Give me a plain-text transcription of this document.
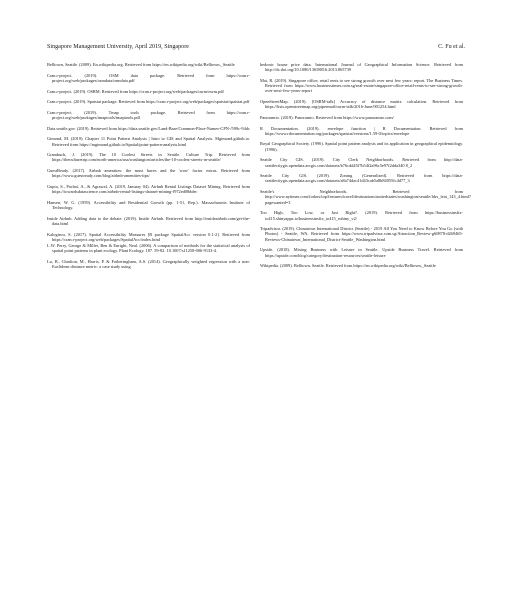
Singapore Management University, April 2019, Singapore	C. Fu et al.

Belltown, Seattle. (2009). En.wikipedia.org. Retrieved from https://en.wikipedia.org/wiki/Belltown,_Seattle

Cran.r-project. (2019). OSM data package. Retrieved from https://cran.r-project.org/web/packages/osmdata/osmdata.pdf

Cran.r-project. (2019). OSRM. Retrieved from https://cran.r-project.org/web/packages/osrm/osrm.pdf

Cran.r-project. (2019). Spatstat package. Retrieved from https://cran.r-project.org/web/packages/spatstat/spatstat.pdf

Cran.r-project. (2019). Tmap tools package. Retrieved from https://cran.r-project.org/web/packages/tmaptools/tmaptools.pdf

Data.seattle.gov. (2019). Retrieved from https://data.seattle.gov/Land-Base/Common-Place-Names-CPN-/599c-94dc

Gimond, M. (2019). Chapter 11 Point Pattern Analysis | Intro to GIS and Spatial Analysis. Mgimond.github.io. Retrieved from https://mgimond.github.io/Spatial/point-pattern-analysis.html

Grambuch, J. (2019). The 10 Coolest Streets in Seattle. Culture Trip. Retrieved from https://theculturetrip.com/north-america/usa/washington/articles/the-10-coolest-streets-in-seattle/

GuestReady. (2017). Airbnb amenities: the must haves and the 'wow' factor extras. Retrieved from https://www.guestready.com/blog/airbnb-amenities-tips/

Gupta, S., Pachai, A., & Agrawal, A. (2019, January 04). Airbnb Rental Listings Dataset Mining. Retrieved from https://towardsdatascience.com/airbnb-rental-listings-dataset-mining-f972ed08ddec

Hansen, W. G. (1959). Accessibility and Residential Growth (pp. 1-51, Rep.). Massachusetts Institute of Technology.

Inside Airbnb. Adding data to the debate. (2019). Inside Airbnb. Retrieved from http://insideairbnb.com/get-the-data.html

Kalogirou, S. (2017). Spatial Accessibility Measures [R package SpatialAcc version 0.1-2]. Retrieved from https://cran.r-project.org/web/packages/SpatialAcc/index.html

L.W. Perry, George & Miller, Ben & Enright, Neal. (2006). A comparison of methods for the statistical analysis of spatial point patterns in plant ecology. Plant Ecology. 187. 59-82. 10.1007/s11258-006-9133-4.

Lu, B., Charlton, M., Harris, P. & Fotheringham, A.S. (2014). Geographically weighted regression with a non-Euclidean distance metric: a case study using

hedonic house price data. International Journal of Geographical Information Science. Retrieved from http://dx.doi.org/10.1080/13658816.2013.865739

Mai, R. (2019). Singapore office, retail rents to see strong growth over next few years: report. The Business Times. Retrieved from https://www.businesstimes.com.sg/real-estate/singapore-office-retail-rents-to-see-strong-growth-over-next-few-years-report

OpenStreetMap. (2019). [OSRM-talk] Accuracy of distance matrix calculation. Retrieved from https://lists.openstreetmap.org/pipermail/osrm-talk/2016-June/001254.html

Panoramio. (2019). Panoramio. Retrieved from https://www.panoramio.com/

R Documentation. (2019). envelope function | R Documentation. Retrieved from https://www.rdocumentation.org/packages/spatstat/versions/1.59-0/topics/envelope

Royal Geographical Society. (1996). Spatial point pattern analysis and its application in geographical epidemiology. (1996).

Seattle City GIS. (2019). City Clerk Neighborhoods. Retrieved from http://data-seattlecitygis.opendata.arcgis.com/datasets/b76cdd45f7b54f2a96c5e97f2dda340 8_2

Seattle City GIS. (2019). Zoning (Generalized). Retrieved from https://data-seattlecitygis.opendata.arcgis.com/datasets/a8a74dac41d43cab5a8b84055fc4d77_3

Seattle's Neighborhoods. Retrieved from http://www.nytimes.com/fodors/top/features/travel/destinations/unitedstates/washington/seattle/fdrs_feat_143_4.html?pagewanted=3

Too High, Too Low, or Just Right?. (2019). Retrieved from https://businessinsfix-io415.shinyapps.io/businessinsfix_io415_ruhiny_v2/

Tripadvisor. (2019). Chinatown International District (Seattle) - 2019 All You Need to Know Before You Go (with Photos) - Seattle, WA. Retrieved from https://www.tripadvisor.com.sg/Attraction_Review-g60878-d269465-Reviews-Chinatown_International_District-Seattle_Washington.html

Upside. (2018). Mixing Business with Leisure in Seattle. Upside Business Travel. Retrieved from https://upside.com/blog/category/destination-resources/seattle-leisure

Wikipedia. (2009). Belltown, Seattle. Retrieved from https://en.wikipedia.org/wiki/Belltown,_Seattle
